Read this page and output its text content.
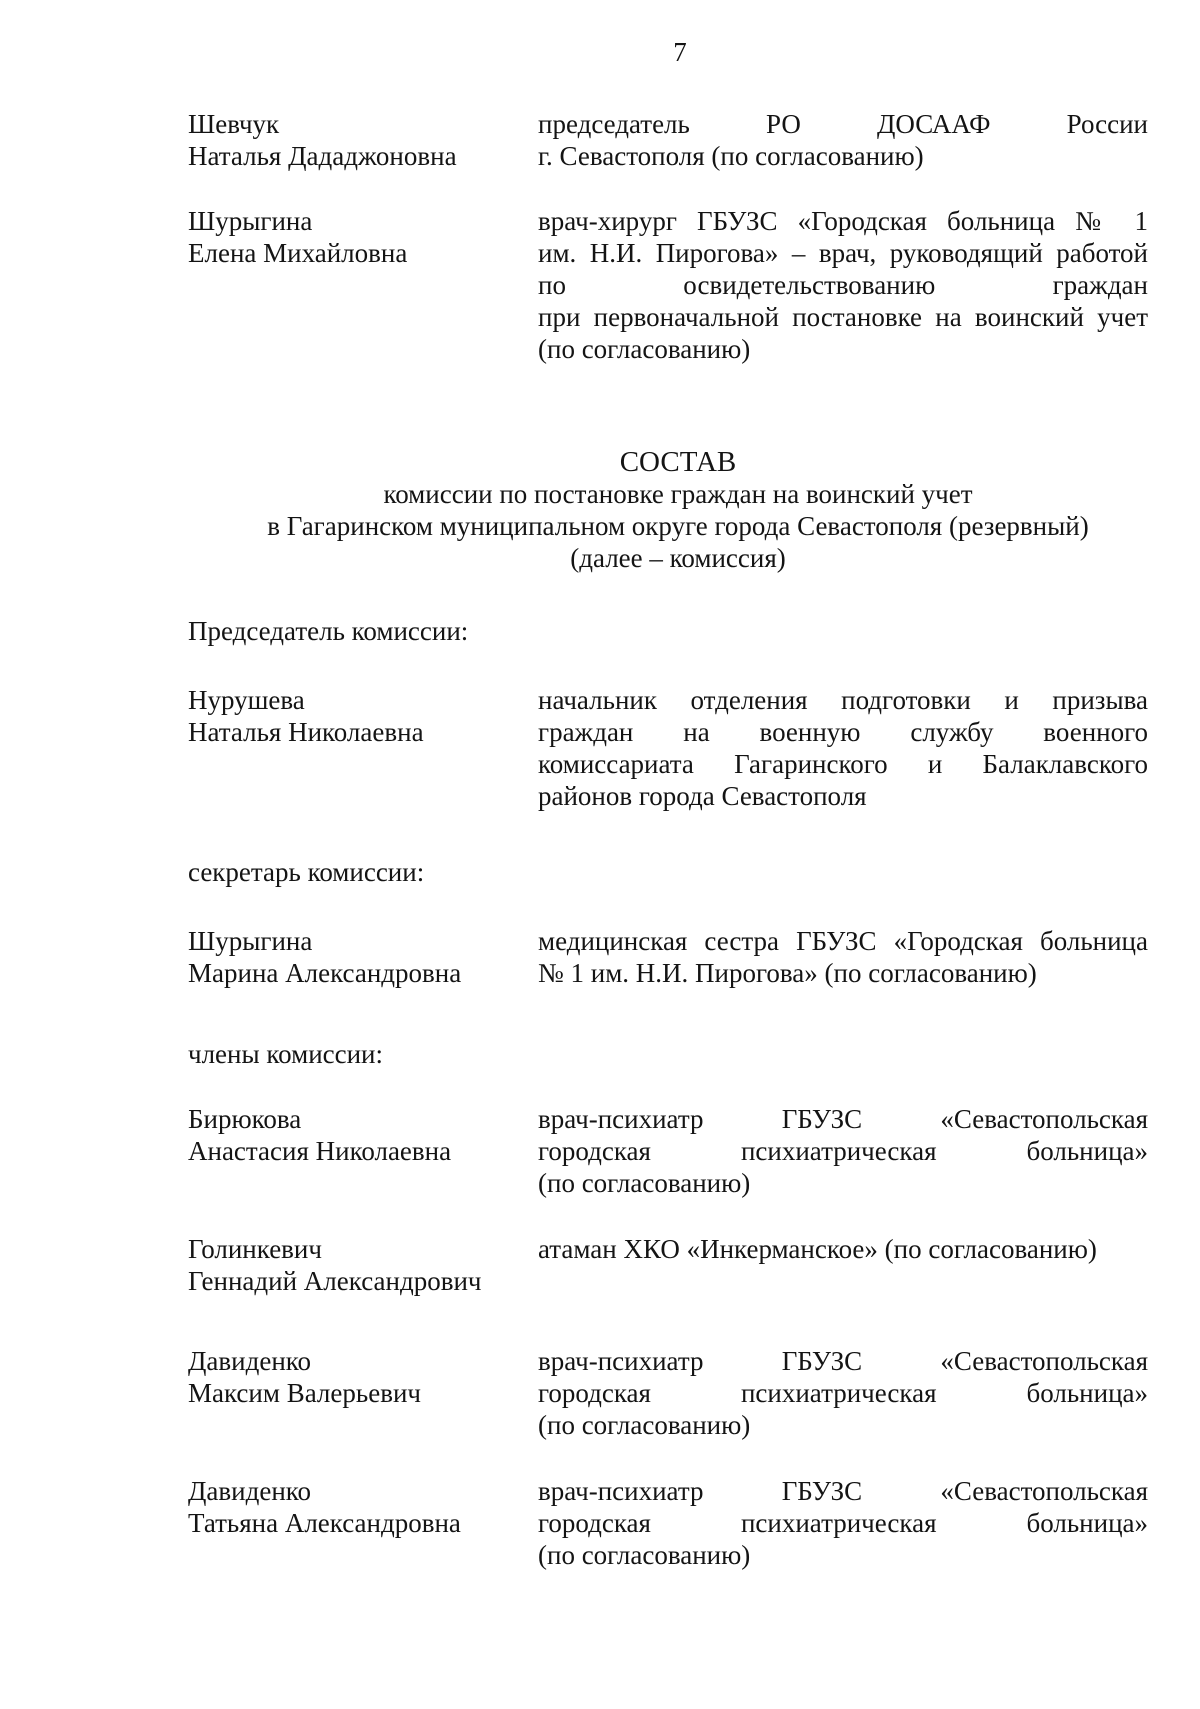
7
Шевчук
Наталья Дададжоновна
председатель РО ДОСААФ России
г. Севастополя (по согласованию)
Шурыгина
Елена Михайловна
врач-хирург ГБУЗС «Городская больница № 1
им. Н.И. Пирогова» – врач, руководящий работой
по освидетельствованию граждан
при первоначальной постановке на воинский учет
(по согласованию)
СОСТАВ
комиссии по постановке граждан на воинский учет
в Гагаринском муниципальном округе города Севастополя (резервный)
(далее – комиссия)
Председатель комиссии:
Нурушева
Наталья Николаевна
начальник отделения подготовки и призыва
граждан на военную службу военного
комиссариата Гагаринского и Балаклавского
районов города Севастополя
секретарь комиссии:
Шурыгина
Марина Александровна
медицинская сестра ГБУЗС «Городская больница
№ 1 им. Н.И. Пирогова» (по согласованию)
члены комиссии:
Бирюкова
Анастасия Николаевна
врач-психиатр ГБУЗС «Севастопольская
городская психиатрическая больница»
(по согласованию)
Голинкевич
Геннадий Александрович
атаман ХКО «Инкерманское» (по согласованию)
Давиденко
Максим Валерьевич
врач-психиатр ГБУЗС «Севастопольская
городская психиатрическая больница»
(по согласованию)
Давиденко
Татьяна Александровна
врач-психиатр ГБУЗС «Севастопольская
городская психиатрическая больница»
(по согласованию)
